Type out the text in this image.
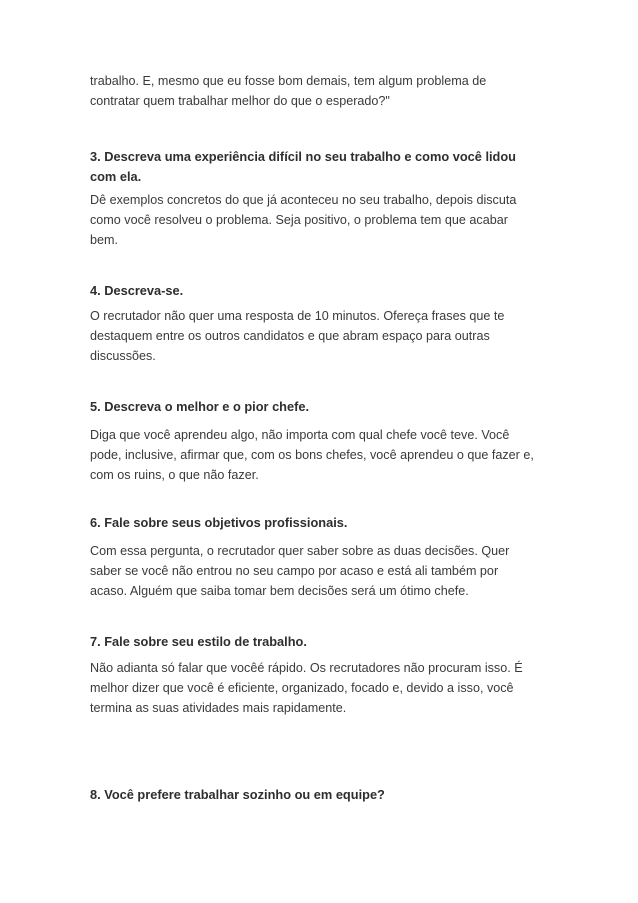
trabalho. E, mesmo que eu fosse bom demais, tem algum problema de
contratar quem trabalhar melhor do que o esperado?"

3. Descreva uma experiência difícil no seu trabalho e como você lidou
com ela.

Dê exemplos concretos do que já aconteceu no seu trabalho, depois discuta
como você resolveu o problema. Seja positivo, o problema tem que acabar
bem.

4. Descreva-se.

O recrutador não quer uma resposta de 10 minutos. Ofereça frases que te
destaquem entre os outros candidatos e que abram espaço para outras
discussões.

5. Descreva o melhor e o pior chefe.

Diga que você aprendeu algo, não importa com qual chefe você teve. Você
pode, inclusive, afirmar que, com os bons chefes, você aprendeu o que fazer e,
com os ruins, o que não fazer.

6. Fale sobre seus objetivos profissionais.

Com essa pergunta, o recrutador quer saber sobre as duas decisões. Quer
saber se você não entrou no seu campo por acaso e está ali também por
acaso. Alguém que saiba tomar bem decisões será um ótimo chefe.

7. Fale sobre seu estilo de trabalho.

Não adianta só falar que vocêé rápido. Os recrutadores não procuram isso. É
melhor dizer que você é eficiente, organizado, focado e, devido a isso, você
termina as suas atividades mais rapidamente.

8. Você prefere trabalhar sozinho ou em equipe?
